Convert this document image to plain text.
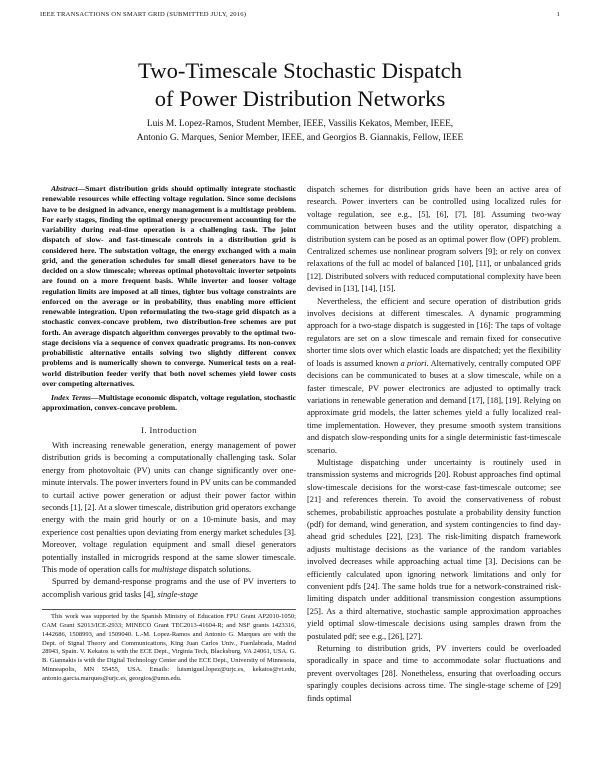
IEEE TRANSACTIONS ON SMART GRID (SUBMITTED JULY, 2016)	1
Two-Timescale Stochastic Dispatch
of Power Distribution Networks
Luis M. Lopez-Ramos, Student Member, IEEE, Vassilis Kekatos, Member, IEEE,
Antonio G. Marques, Senior Member, IEEE, and Georgios B. Giannakis, Fellow, IEEE

Abstract—Smart distribution grids should optimally integrate stochastic renewable resources while effecting voltage regulation. Since some decisions have to be designed in advance, energy management is a multistage problem. For early stages, finding the optimal energy procurement accounting for the variability during real-time operation is a challenging task. The joint dispatch of slow- and fast-timescale controls in a distribution grid is considered here. The substation voltage, the energy exchanged with a main grid, and the generation schedules for small diesel generators have to be decided on a slow timescale; whereas optimal photovoltaic inverter setpoints are found on a more frequent basis. While inverter and looser voltage regulation limits are imposed at all times, tighter bus voltage constraints are enforced on the average or in probability, thus enabling more efficient renewable integration. Upon reformulating the two-stage grid dispatch as a stochastic convex-concave problem, two distribution-free schemes are put forth. An average dispatch algorithm converges provably to the optimal two-stage decisions via a sequence of convex quadratic programs. Its non-convex probabilistic alternative entails solving two slightly different convex problems and is numerically shown to converge. Numerical tests on a real-world distribution feeder verify that both novel schemes yield lower costs over competing alternatives.

Index Terms—Multistage economic dispatch, voltage regulation, stochastic approximation, convex-concave problem.

I. Introduction

With increasing renewable generation, energy management of power distribution grids is becoming a computationally challenging task. Solar energy from photovoltaic (PV) units can change significantly over one-minute intervals. The power inverters found in PV units can be commanded to curtail active power generation or adjust their power factor within seconds [1], [2]. At a slower timescale, distribution grid operators exchange energy with the main grid hourly or on a 10-minute basis, and may experience cost penalties upon deviating from energy market schedules [3]. Moreover, voltage regulation equipment and small diesel generators potentially installed in microgrids respond at the same slower timescale. This mode of operation calls for multistage dispatch solutions.

Spurred by demand-response programs and the use of PV inverters to accomplish various grid tasks [4], single-stage

This work was supported by the Spanish Ministry of Education FPU Grant AP2010-1050; CAM Grant S2013/ICE-2933; MINECO Grant TEC2013-41604-R; and NSF grants 1423316, 1442686, 1508993, and 1509040. L.-M. Lopez-Ramos and Antonio G. Marques are with the Dept. of Signal Theory and Communications, King Juan Carlos Univ., Fuenlabrada, Madrid 28943, Spain. V. Kekatos is with the ECE Dept., Virginia Tech, Blacksburg, VA 24061, USA. G. B. Giannakis is with the Digital Technology Center and the ECE Dept., University of Minnesota, Minneapolis, MN 55455, USA. Emails: luismiguel.lopez@urjc.es, kekatos@vt.edu, antonio.garcia.marques@urjc.es, georgios@umn.edu.

dispatch schemes for distribution grids have been an active area of research. Power inverters can be controlled using localized rules for voltage regulation, see e.g., [5], [6], [7], [8]. Assuming two-way communication between buses and the utility operator, dispatching a distribution system can be posed as an optimal power flow (OPF) problem. Centralized schemes use nonlinear program solvers [9]; or rely on convex relaxations of the full ac model of balanced [10], [11], or unbalanced grids [12]. Distributed solvers with reduced computational complexity have been devised in [13], [14], [15].

Nevertheless, the efficient and secure operation of distribution grids involves decisions at different timescales. A dynamic programming approach for a two-stage dispatch is suggested in [16]: The taps of voltage regulators are set on a slow timescale and remain fixed for consecutive shorter time slots over which elastic loads are dispatched; yet the flexibility of loads is assumed known a priori. Alternatively, centrally computed OPF decisions can be communicated to buses at a slow timescale, while on a faster timescale, PV power electronics are adjusted to optimally track variations in renewable generation and demand [17], [18], [19]. Relying on approximate grid models, the latter schemes yield a fully localized real-time implementation. However, they presume smooth system transitions and dispatch slow-responding units for a single deterministic fast-timescale scenario.

Multistage dispatching under uncertainty is routinely used in transmission systems and microgrids [20]. Robust approaches find optimal slow-timescale decisions for the worst-case fast-timescale outcome; see [21] and references therein. To avoid the conservativeness of robust schemes, probabilistic approaches postulate a probability density function (pdf) for demand, wind generation, and system contingencies to find day-ahead grid schedules [22], [23]. The risk-limiting dispatch framework adjusts multistage decisions as the variance of the random variables involved decreases while approaching actual time [3]. Decisions can be efficiently calculated upon ignoring network limitations and only for convenient pdfs [24]. The same holds true for a network-constrained risk-limiting dispatch under additional transmission congestion assumptions [25]. As a third alternative, stochastic sample approximation approaches yield optimal slow-timescale decisions using samples drawn from the postulated pdf; see e.g., [26], [27].

Returning to distribution grids, PV inverters could be overloaded sporadically in space and time to accommodate solar fluctuations and prevent overvoltages [28]. Nonetheless, ensuring that overloading occurs sparingly couples decisions across time. The single-stage scheme of [29] finds optimal
